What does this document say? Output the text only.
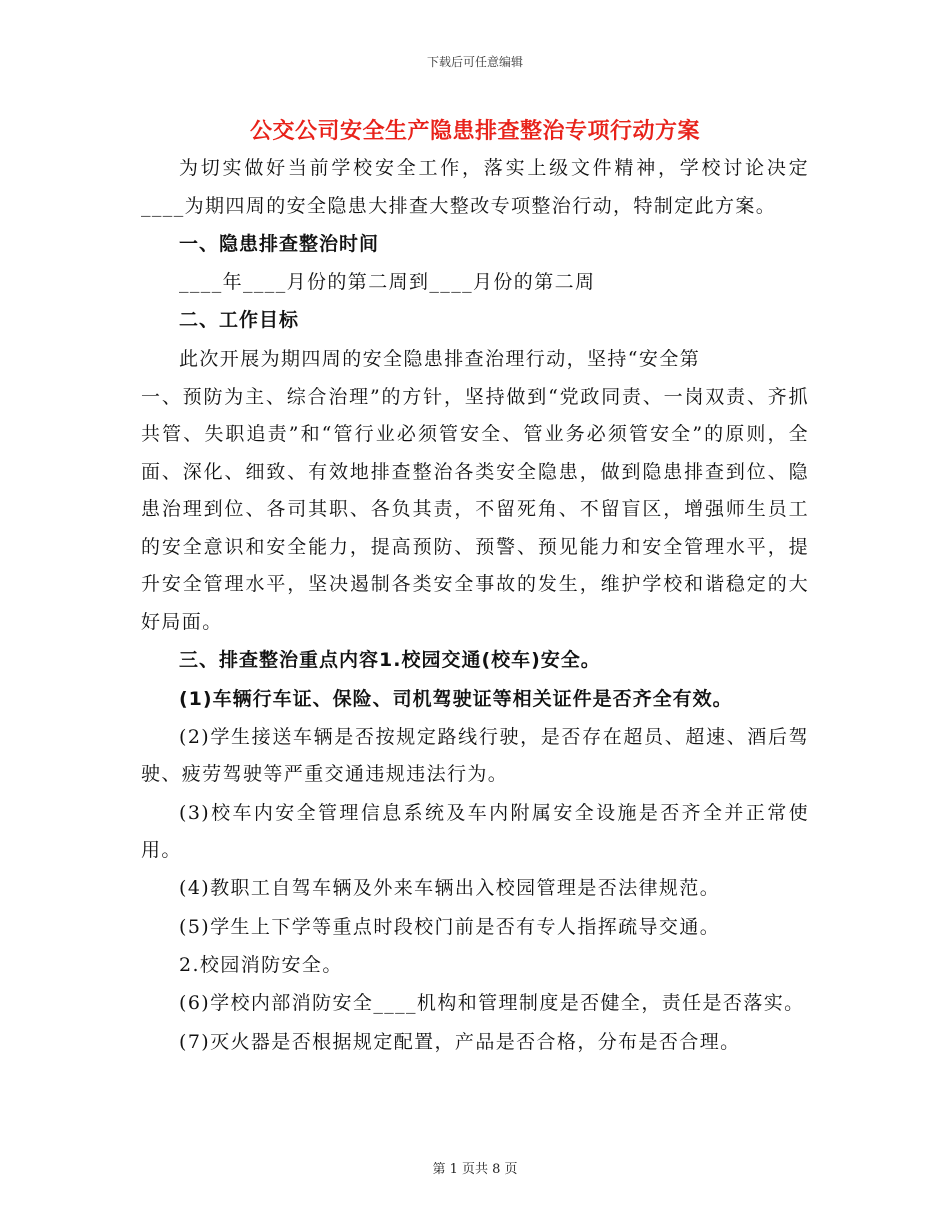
下载后可任意编辑
公交公司安全生产隐患排查整治专项行动方案

为切实做好当前学校安全工作，落实上级文件精神，学校讨论决定____为期四周的安全隐患大排查大整改专项整治行动，特制定此方案。

一、隐患排查整治时间

____年____月份的第二周到____月份的第二周

二、工作目标

此次开展为期四周的安全隐患排查治理行动，坚持“安全第

一、预防为主、综合治理”的方针，坚持做到“党政同责、一岗双责、齐抓共管、失职追责”和“管行业必须管安全、管业务必须管安全”的原则，全面、深化、细致、有效地排查整治各类安全隐患，做到隐患排查到位、隐患治理到位、各司其职、各负其责，不留死角、不留盲区，增强师生员工的安全意识和安全能力，提高预防、预警、预见能力和安全管理水平，提升安全管理水平，坚决遏制各类安全事故的发生，维护学校和谐稳定的大好局面。

三、排查整治重点内容1.校园交通(校车)安全。

(1)车辆行车证、保险、司机驾驶证等相关证件是否齐全有效。

(2)学生接送车辆是否按规定路线行驶，是否存在超员、超速、酒后驾驶、疲劳驾驶等严重交通违规违法行为。

(3)校车内安全管理信息系统及车内附属安全设施是否齐全并正常使用。

(4)教职工自驾车辆及外来车辆出入校园管理是否法律规范。

(5)学生上下学等重点时段校门前是否有专人指挥疏导交通。

2.校园消防安全。

(6)学校内部消防安全____机构和管理制度是否健全，责任是否落实。

(7)灭火器是否根据规定配置，产品是否合格，分布是否合理。

第 1 页共 8 页
